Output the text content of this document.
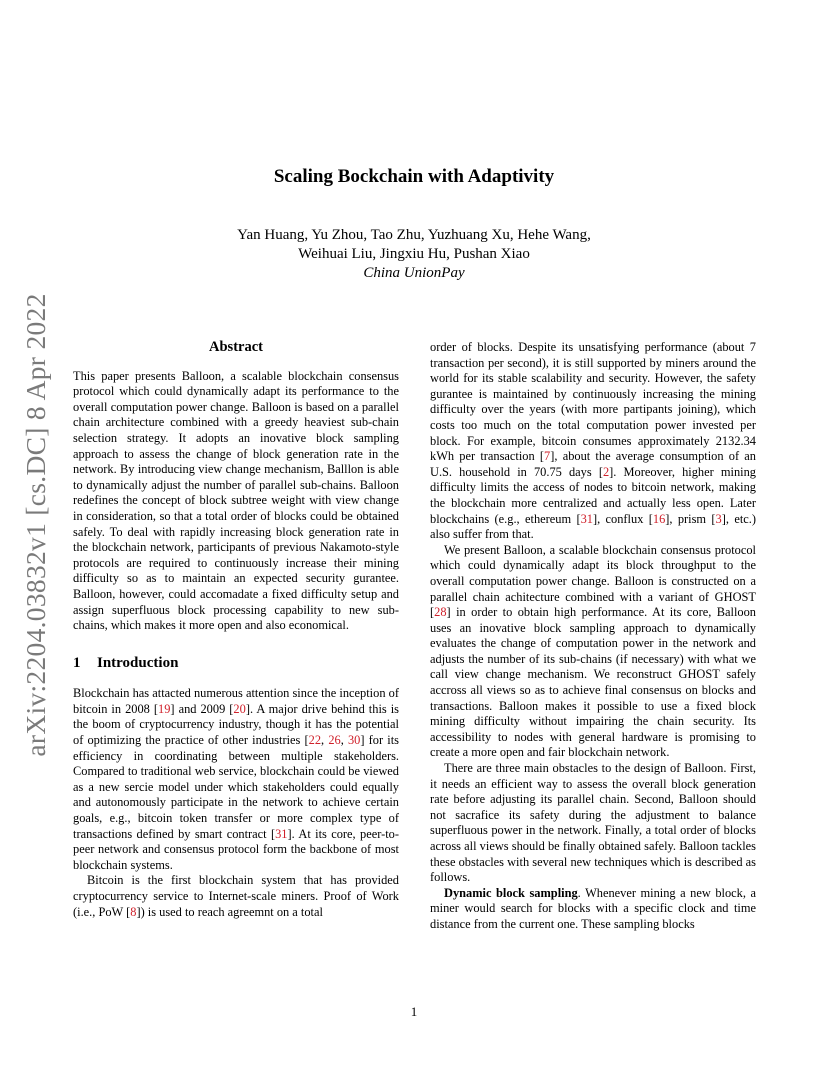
arXiv:2204.03832v1 [cs.DC] 8 Apr 2022
Scaling Bockchain with Adaptivity
Yan Huang, Yu Zhou, Tao Zhu, Yuzhuang Xu, Hehe Wang,
Weihuai Liu, Jingxiu Hu, Pushan Xiao
China UnionPay
Abstract

This paper presents Balloon, a scalable blockchain consensus protocol which could dynamically adapt its performance to the overall computation power change. Balloon is based on a parallel chain architecture combined with a greedy heaviest sub-chain selection strategy. It adopts an inovative block sampling approach to assess the change of block generation rate in the network. By introducing view change mechanism, Balllon is able to dynamically adjust the number of parallel sub-chains. Balloon redefines the concept of block subtree weight with view change in consideration, so that a total order of blocks could be obtained safely. To deal with rapidly increasing block generation rate in the blockchain network, participants of previous Nakamoto-style protocols are required to continuously increase their mining difficulty so as to maintain an expected security gurantee. Balloon, however, could accomadate a fixed difficulty setup and assign superfluous block processing capability to new sub-chains, which makes it more open and also economical.

1 Introduction

Blockchain has attacted numerous attention since the inception of bitcoin in 2008 [19] and 2009 [20]. A major drive behind this is the boom of cryptocurrency industry, though it has the potential of optimizing the practice of other industries [22, 26, 30] for its efficiency in coordinating between multiple stakeholders. Compared to traditional web service, blockchain could be viewed as a new sercie model under which stakeholders could equally and autonomously participate in the network to achieve certain goals, e.g., bitcoin token transfer or more complex type of transactions defined by smart contract [31]. At its core, peer-to-peer network and consensus protocol form the backbone of most blockchain systems.

Bitcoin is the first blockchain system that has provided cryptocurrency service to Internet-scale miners. Proof of Work (i.e., PoW [8]) is used to reach agreemnt on a total

order of blocks. Despite its unsatisfying performance (about 7 transaction per second), it is still supported by miners around the world for its stable scalability and security. However, the safety gurantee is maintained by continuously increasing the mining difficulty over the years (with more partipants joining), which costs too much on the total computation power invested per block. For example, bitcoin consumes approximately 2132.34 kWh per transaction [7], about the average consumption of an U.S. household in 70.75 days [2]. Moreover, higher mining difficulty limits the access of nodes to bitcoin network, making the blockchain more centralized and actually less open. Later blockchains (e.g., ethereum [31], conflux [16], prism [3], etc.) also suffer from that.

We present Balloon, a scalable blockchain consensus protocol which could dynamically adapt its block throughput to the overall computation power change. Balloon is constructed on a parallel chain achitecture combined with a variant of GHOST [28] in order to obtain high performance. At its core, Balloon uses an inovative block sampling approach to dynamically evaluates the change of computation power in the network and adjusts the number of its sub-chains (if necessary) with what we call view change mechanism. We reconstruct GHOST safely accross all views so as to achieve final consensus on blocks and transactions. Balloon makes it possible to use a fixed block mining difficulty without impairing the chain security. Its accessibility to nodes with general hardware is promising to create a more open and fair blockchain network.

There are three main obstacles to the design of Balloon. First, it needs an efficient way to assess the overall block generation rate before adjusting its parallel chain. Second, Balloon should not sacrafice its safety during the adjustment to balance superfluous power in the network. Finally, a total order of blocks across all views should be finally obtained safely. Balloon tackles these obstacles with several new techniques which is described as follows.

Dynamic block sampling. Whenever mining a new block, a miner would search for blocks with a specific clock and time distance from the current one. These sampling blocks

1
